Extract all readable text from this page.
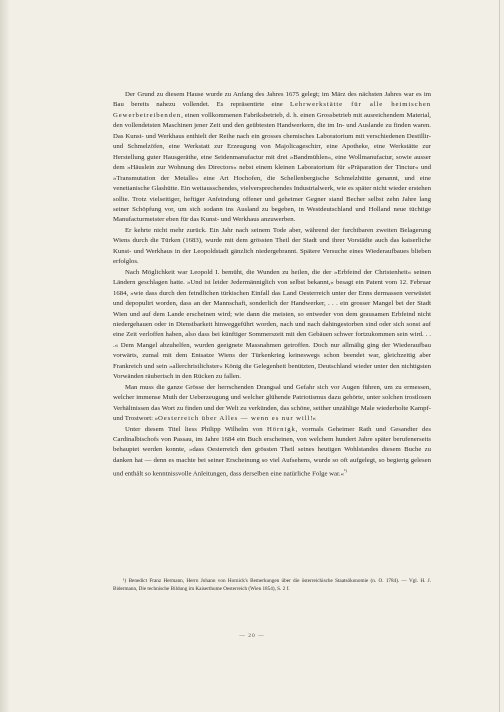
Der Grund zu diesem Hause wurde zu Anfang des Jahres 1675 gelegt; im März des nächsten Jahres war es im Bau bereits nahezu vollendet. Es repräsentirte eine Lehrwerkstätte für alle heimischen Gewerbetreibenden, einen vollkommenen Fabriksbetrieb, d. h. einen Grossbetrieb mit ausreichendem Material, den vollendetsten Maschinen jener Zeit und den geübtesten Handwerkern, die im In- und Auslande zu finden waren. Das Kunst- und Werkhaus enthielt der Reihe nach ein grosses chemisches Laboratorium mit verschiedenen Destillir- und Schmelzöfen, eine Werkstatt zur Erzeugung von Majolicageschirr, eine Apotheke, eine Werkstätte zur Herstellung guter Hausgeräthe, eine Seidenmanufactur mit drei »Bandmühlen«, eine Wollmanufactur, sowie ausser dem »Häuslein zur Wohnung des Directors« nebst einem kleinen Laboratorium für »Präparation der Tinctur« und »Transmutation der Metalle« eine Art Hochofen, die Schellenbergische Schmelzhütte genannt, und eine venetianische Glashütte. Ein weitausschendes, vielversprechendes Industrialwerk, wie es später nicht wieder erstehen sollte. Trotz vielseitiger, heftiger Anfeindung offener und geheimer Gegner stand Becher selbst zehn Jahre lang seiner Schöpfung vor, um sich sodann ins Ausland zu begeben, in Westdeutschland und Holland neue tüchtige Manufacturmeister eben für das Kunst- und Werkhaus anzuwerben.

Er kehrte nicht mehr zurück. Ein Jahr nach seinem Tode aber, während der furchtbaren zweiten Belagerung Wiens durch die Türken (1683), wurde mit dem grössten Theil der Stadt und ihrer Vorstädte auch das kaiserliche Kunst- und Werkhaus in der Leopoldstadt gänzlich niedergebrannt. Spätere Versuche eines Wiederaufbaues blieben erfolglos.

Nach Möglichkeit war Leopold I. bemüht, die Wunden zu heilen, die der »Erbfeind der Christenheit« seinen Ländern geschlagen hatte. »Und ist leider Jedermänniglich von selbst bekannt,« besagt ein Patent vom 12. Februar 1684, »wie dass durch den feindlichen türkischen Einfall das Land Oesterreich unter der Enns dermassen verwüstet und depopulirt worden, dass an der Mannschaft, sonderlich der Handwerker, . . . ein grosser Mangel bei der Stadt Wien und auf dem Lande erscheinen wird; wie dann die meisten, so entweder von dem grausamen Erbfeind nicht niedergehauen oder in Dienstbarkeit hinweggeführt worden, nach und nach dahingestorben sind oder sich sonst auf eine Zeit verloffen haben, also dass bei künftiger Sommerszeit mit den Gebäuen schwer fortzukommen sein wird. . . .« Dem Mangel abzuhelfen, wurden geeignete Massnahmen getroffen. Doch nur allmälig ging der Wiederaufbau vorwärts, zumal mit dem Entsatze Wiens der Türkenkrieg keineswegs schon beendet war, gleichzeitig aber Frankreich und sein »allerchristlichster« König die Gelegenheit benützten, Deutschland wieder unter den nichtigsten Vorwänden räuberisch in den Rücken zu fallen.

Man muss die ganze Grösse der herrschenden Drangsal und Gefahr sich vor Augen führen, um zu ermessen, welcher immense Muth der Ueberzeugung und welcher glühende Patriotismus dazu gehörte, unter solchen trostlosen Verhältnissen das Wort zu finden und der Welt zu verkünden, das schöne, seither unzählige Male wiederholte Kampf- und Trostwort: »Oesterreich über Alles — wenn es nur will!«

Unter diesem Titel liess Philipp Wilhelm von Hörnigk, vormals Geheimer Rath und Gesandter des Cardinalbischofs von Passau, im Jahre 1684 ein Buch erscheinen, von welchem hundert Jahre später berufenerseits behauptet werden konnte, »dass Oesterreich den grössten Theil seines heutigen Wohlstandes diesem Buche zu danken hat — denn es machte bei seiner Erscheinung so viel Aufsehens, wurde so oft aufgelegt, so begierig gelesen und enthält so kenntnissvolle Anleitungen, dass derselben eine natürliche Folge war.«$^{^1)}$

¹) Benedict Franz Hermann, Herrn Johann von Hornick's Bemerkungen über die österreichische Staatsökonomie (n. O. 1784). — Vgl. H. J. Bidermann, Die technische Bildung im Kaiserthume Oesterreich (Wien 1854), S. 2 f.

— 20 —
